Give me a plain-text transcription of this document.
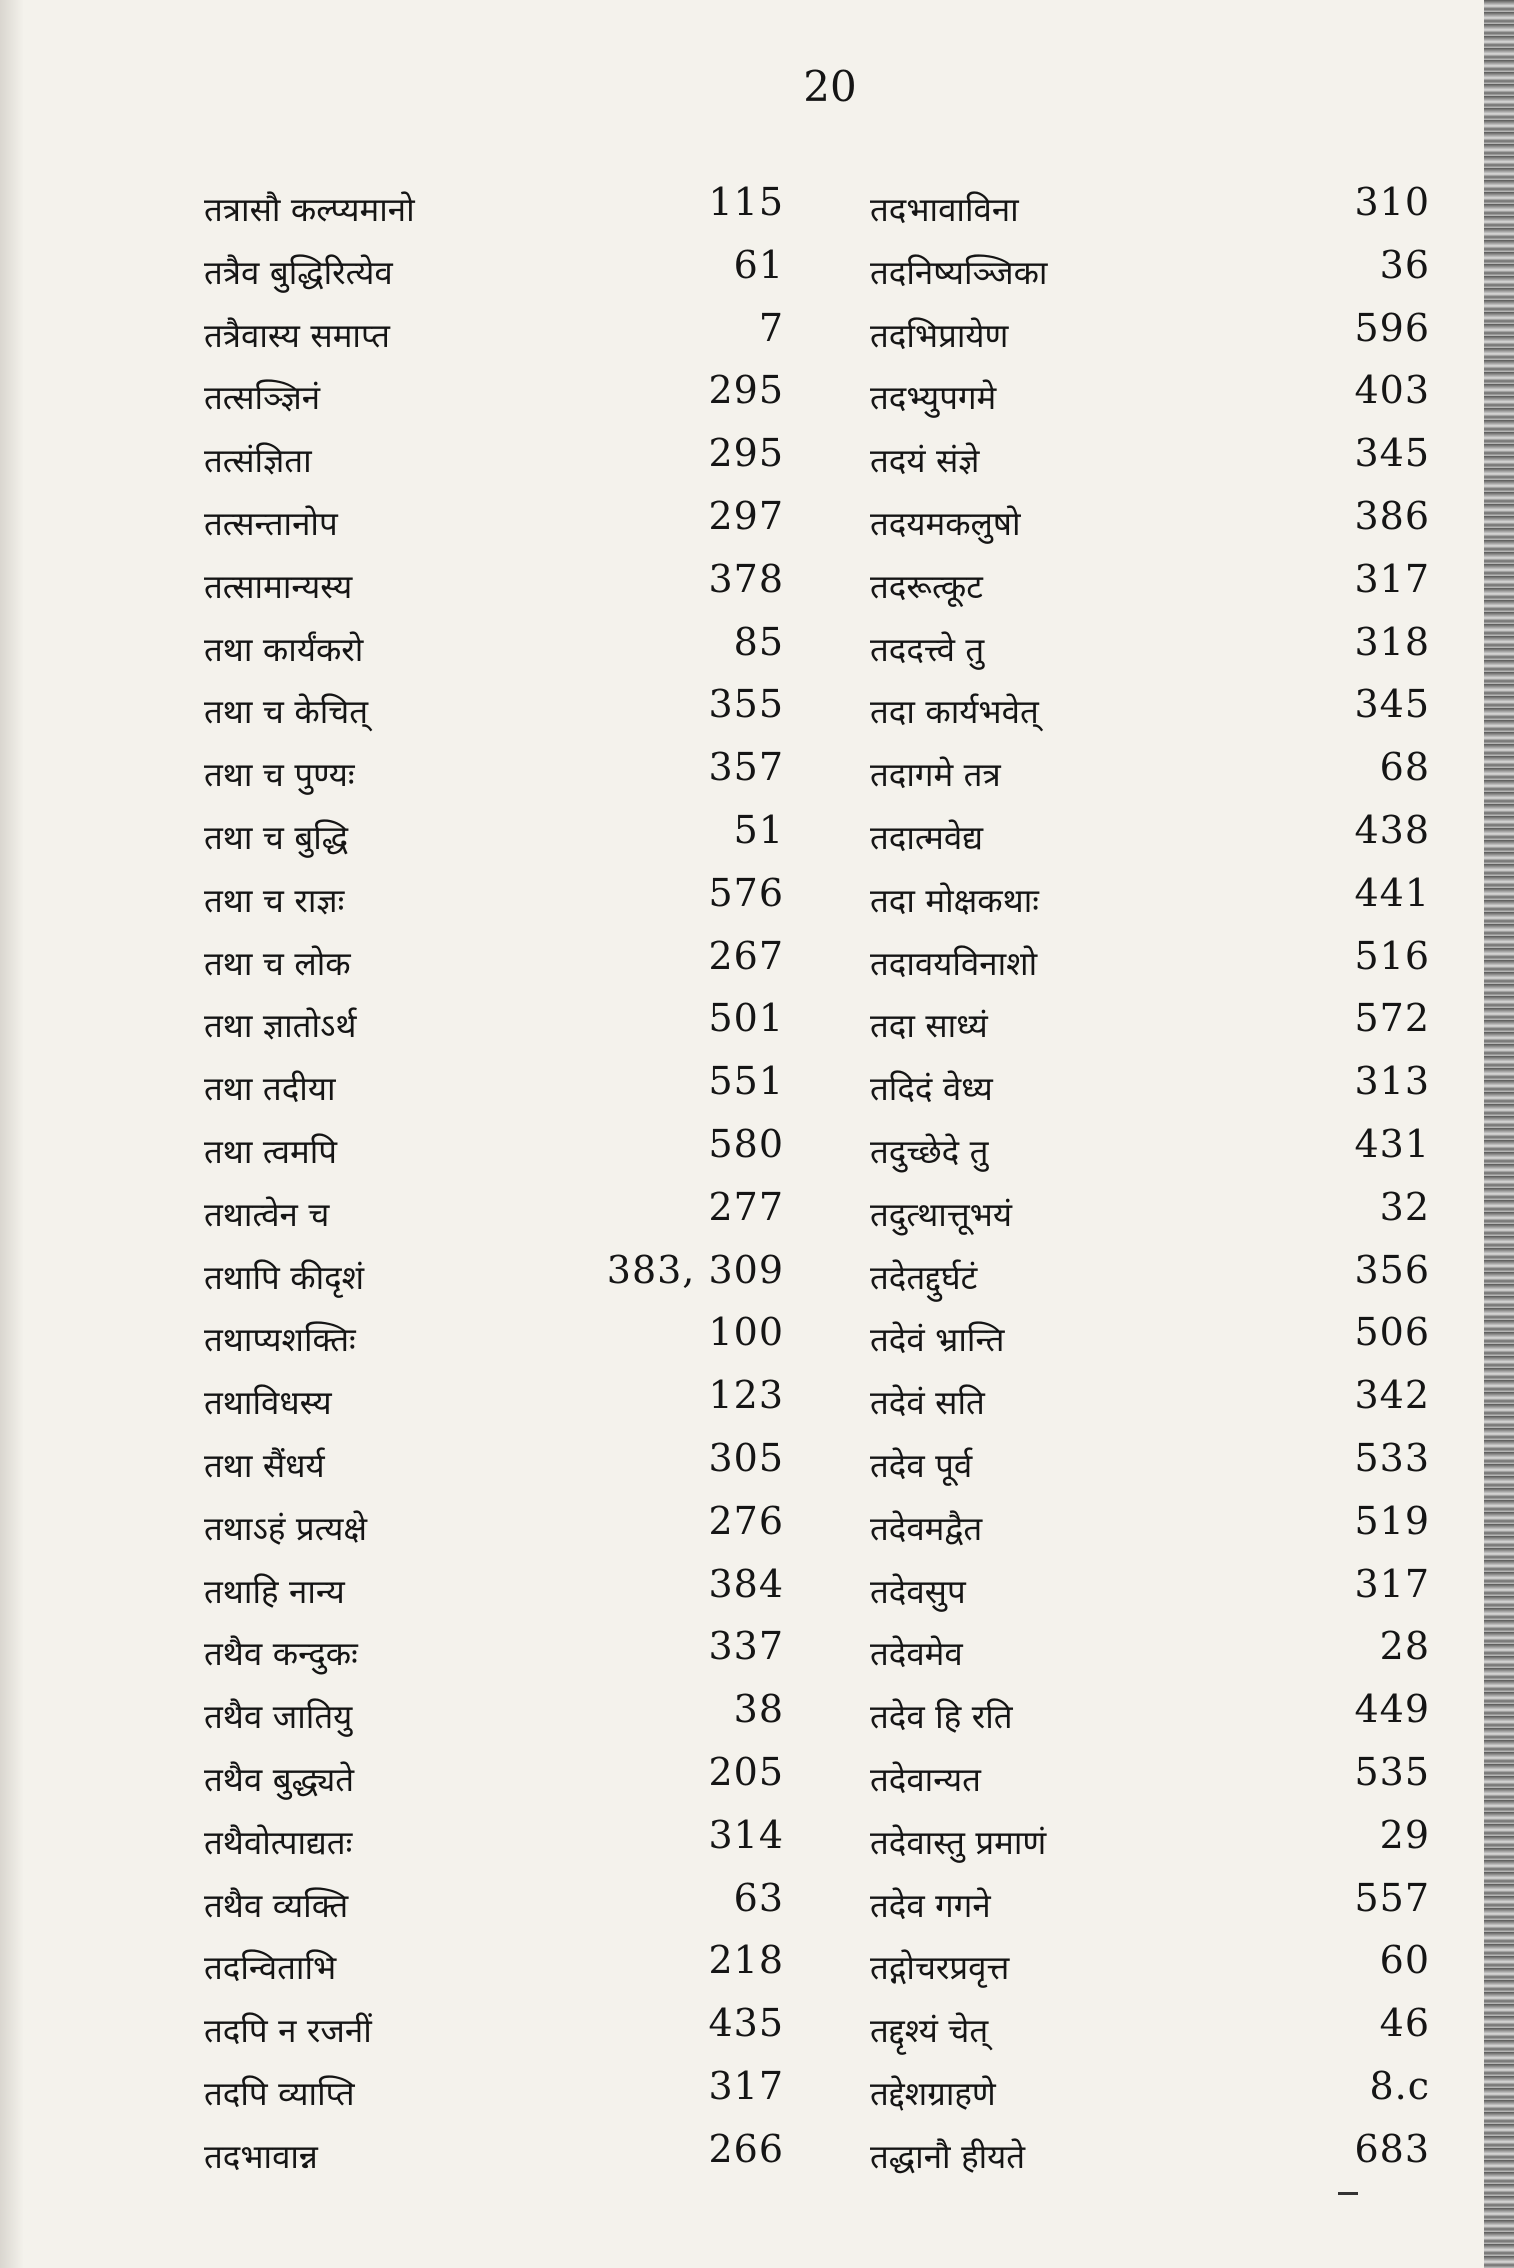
20
तत्रासौ कल्प्यमानो	115
तत्रैव बुद्धिरित्येव	61
तत्रैवास्य समाप्त	7
तत्सञ्ज्ञिनं	295
तत्संज्ञिता	295
तत्सन्तानोप	297
तत्सामान्यस्य	378
तथा कार्यंकरो	85
तथा च केचित्	355
तथा च पुण्यः	357
तथा च बुद्धि	51
तथा च राज्ञः	576
तथा च लोक	267
तथा ज्ञातोऽर्थ	501
तथा तदीया	551
तथा त्वमपि	580
तथात्वेन च	277
तथापि कीदृशं	383, 309
तथाप्यशक्तिः	100
तथाविधस्य	123
तथा सैंधर्य	305
तथाऽहं प्रत्यक्षे	276
तथाहि नान्य	384
तथैव कन्दुकः	337
तथैव जातियु	38
तथैव बुद्ध्यते	205
तथैवोत्पाद्यतः	314
तथैव व्यक्ति	63
तदन्विताभि	218
तदपि न रजनीं	435
तदपि व्याप्ति	317
तदभावान्न	266
तदभावाविना	310
तदनिष्यञ्जिका	36
तदभिप्रायेण	596
तदभ्युपगमे	403
तदयं संज्ञे	345
तदयमकलुषो	386
तदरूत्कूट	317
तददत्त्वे तु	318
तदा कार्यभवेत्	345
तदागमे तत्र	68
तदात्मवेद्य	438
तदा मोक्षकथाः	441
तदावयविनाशो	516
तदा साध्यं	572
तदिदं वेध्य	313
तदुच्छेदे तु	431
तदुत्थात्तूभयं	32
तदेतद्दुर्घटं	356
तदेवं भ्रान्ति	506
तदेवं सति	342
तदेव पूर्व	533
तदेवमद्वैत	519
तदेवसुप	317
तदेवमेव	28
तदेव हि रति	449
तदेवान्यत	535
तदेवास्तु प्रमाणं	29
तदेव गगने	557
तद्गोचरप्रवृत्त	60
तद्दृश्यं चेत्	46
तद्देशग्राहणे	8.c
तद्धानौ हीयते	683
